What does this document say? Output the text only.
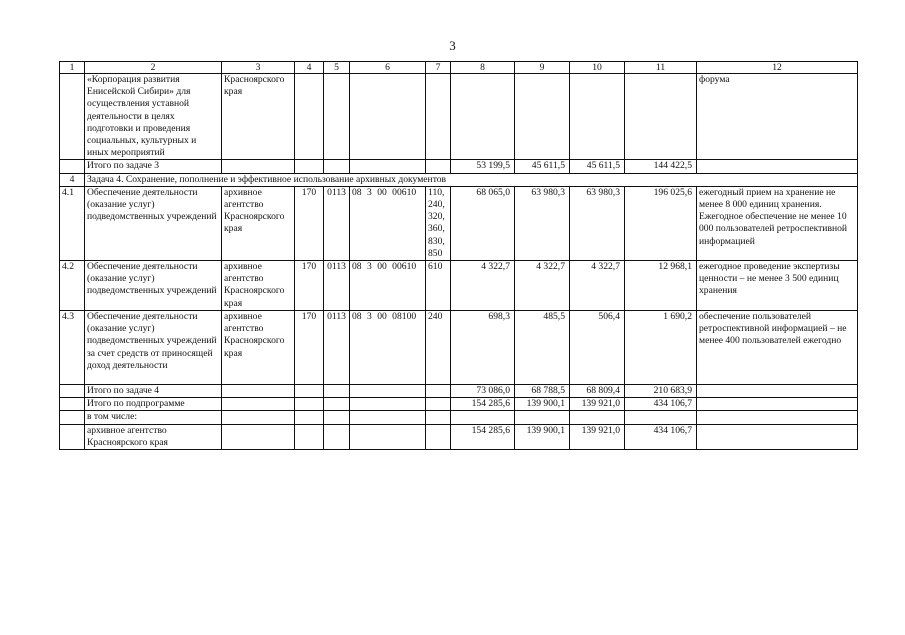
3
1	2	3	4	5	6	7	8	9	10	11	12
	«Корпорация развития Енисейской Сибири» для осуществления уставной деятельности в целях подготовки и проведения социальных, культурных и иных мероприятий	Красноярского края									форума
	Итого по задаче 3						53 199,5	45 611,5	45 611,5	144 422,5	
4	Задача 4. Сохранение, пополнение и эффективное использование архивных документов										
4.1	Обеспечение деятельности (оказание услуг) подведомственных учреждений	архивное агентство Красноярского края	170	0113	08 3 00 00610	110, 240, 320, 360, 830, 850	68 065,0	63 980,3	63 980,3	196 025,6	ежегодный прием на хранение не менее 8 000 единиц хранения. Ежегодное обеспечение не менее 10 000 пользователей ретроспективной информацией
4.2	Обеспечение деятельности (оказание услуг) подведомственных учреждений	архивное агентство Красноярского края	170	0113	08 3 00 00610	610	4 322,7	4 322,7	4 322,7	12 968,1	ежегодное проведение экспертизы ценности – не менее 3 500 единиц хранения
4.3	Обеспечение деятельности (оказание услуг) подведомственных учреждений за счет средств от приносящей доход деятельности	архивное агентство Красноярского края	170	0113	08 3 00 08100	240	698,3	485,5	506,4	1 690,2	обеспечение пользователей ретроспективной информацией – не менее 400 пользователей ежегодно
	Итого по задаче 4						73 086,0	68 788,5	68 809,4	210 683,9	
	Итого по подпрограмме						154 285,6	139 900,1	139 921,0	434 106,7	
	в том числе:										
	архивное агентство Красноярского края						154 285,6	139 900,1	139 921,0	434 106,7	
